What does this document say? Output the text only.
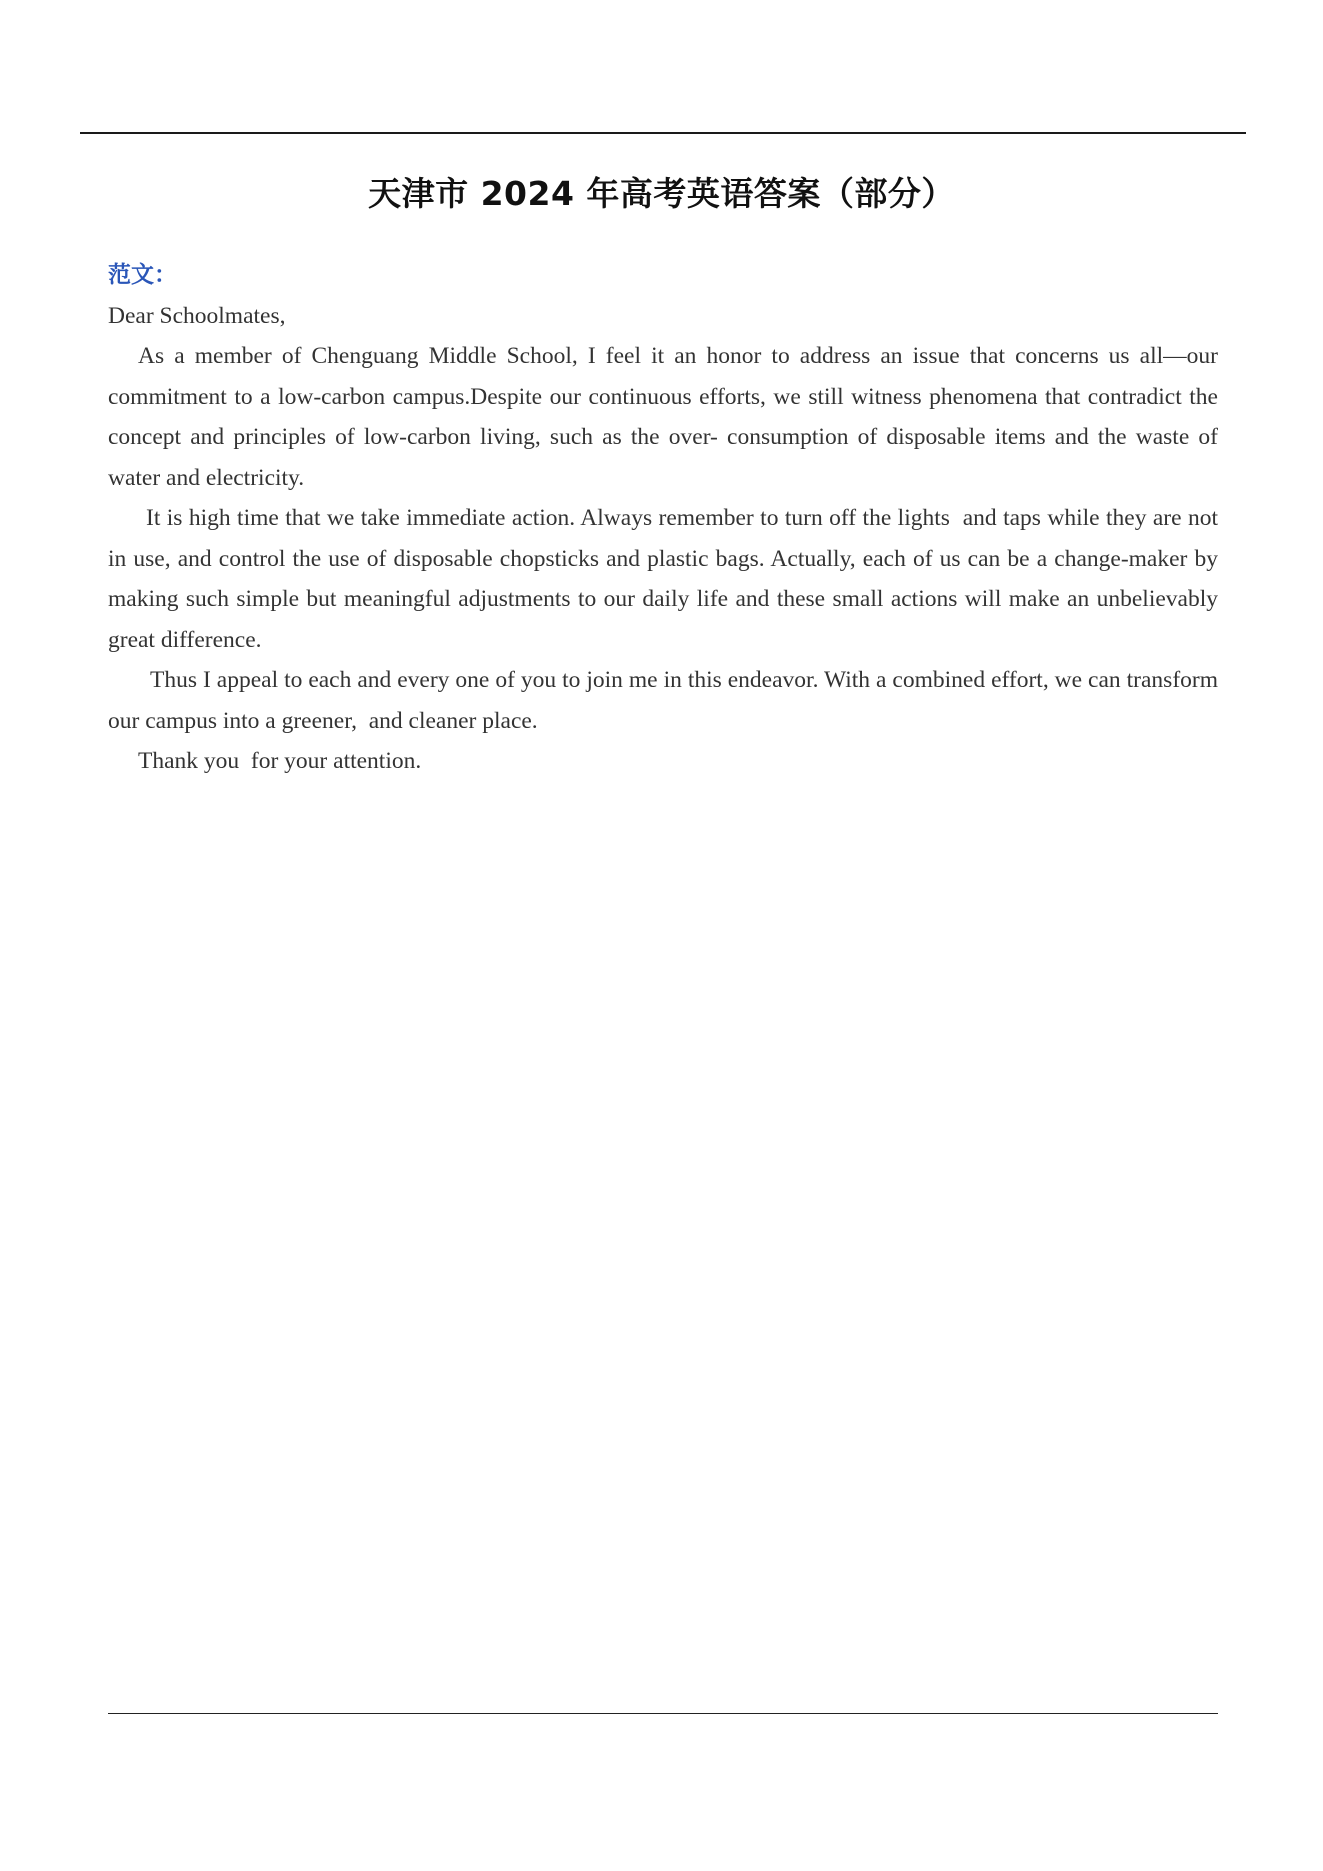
天津市 2024 年高考英语答案（部分）
范文：

Dear Schoolmates,

As a member of Chenguang Middle School, I feel it an honor to address an issue that concerns us all—our commitment to a low-carbon campus.Despite our continuous efforts, we still witness phenomena that contradict the concept and principles of low-carbon living, such as the over- consumption of disposable items and the waste of water and electricity.

It is high time that we take immediate action. Always remember to turn off the lights  and taps while they are not in use, and control the use of disposable chopsticks and plastic bags. Actually, each of us can be a change-maker by making such simple but meaningful adjustments to our daily life and these small actions will make an unbelievably great difference.

Thus I appeal to each and every one of you to join me in this endeavor. With a combined effort, we can transform our campus into a greener,  and cleaner place.

Thank you  for your attention.
